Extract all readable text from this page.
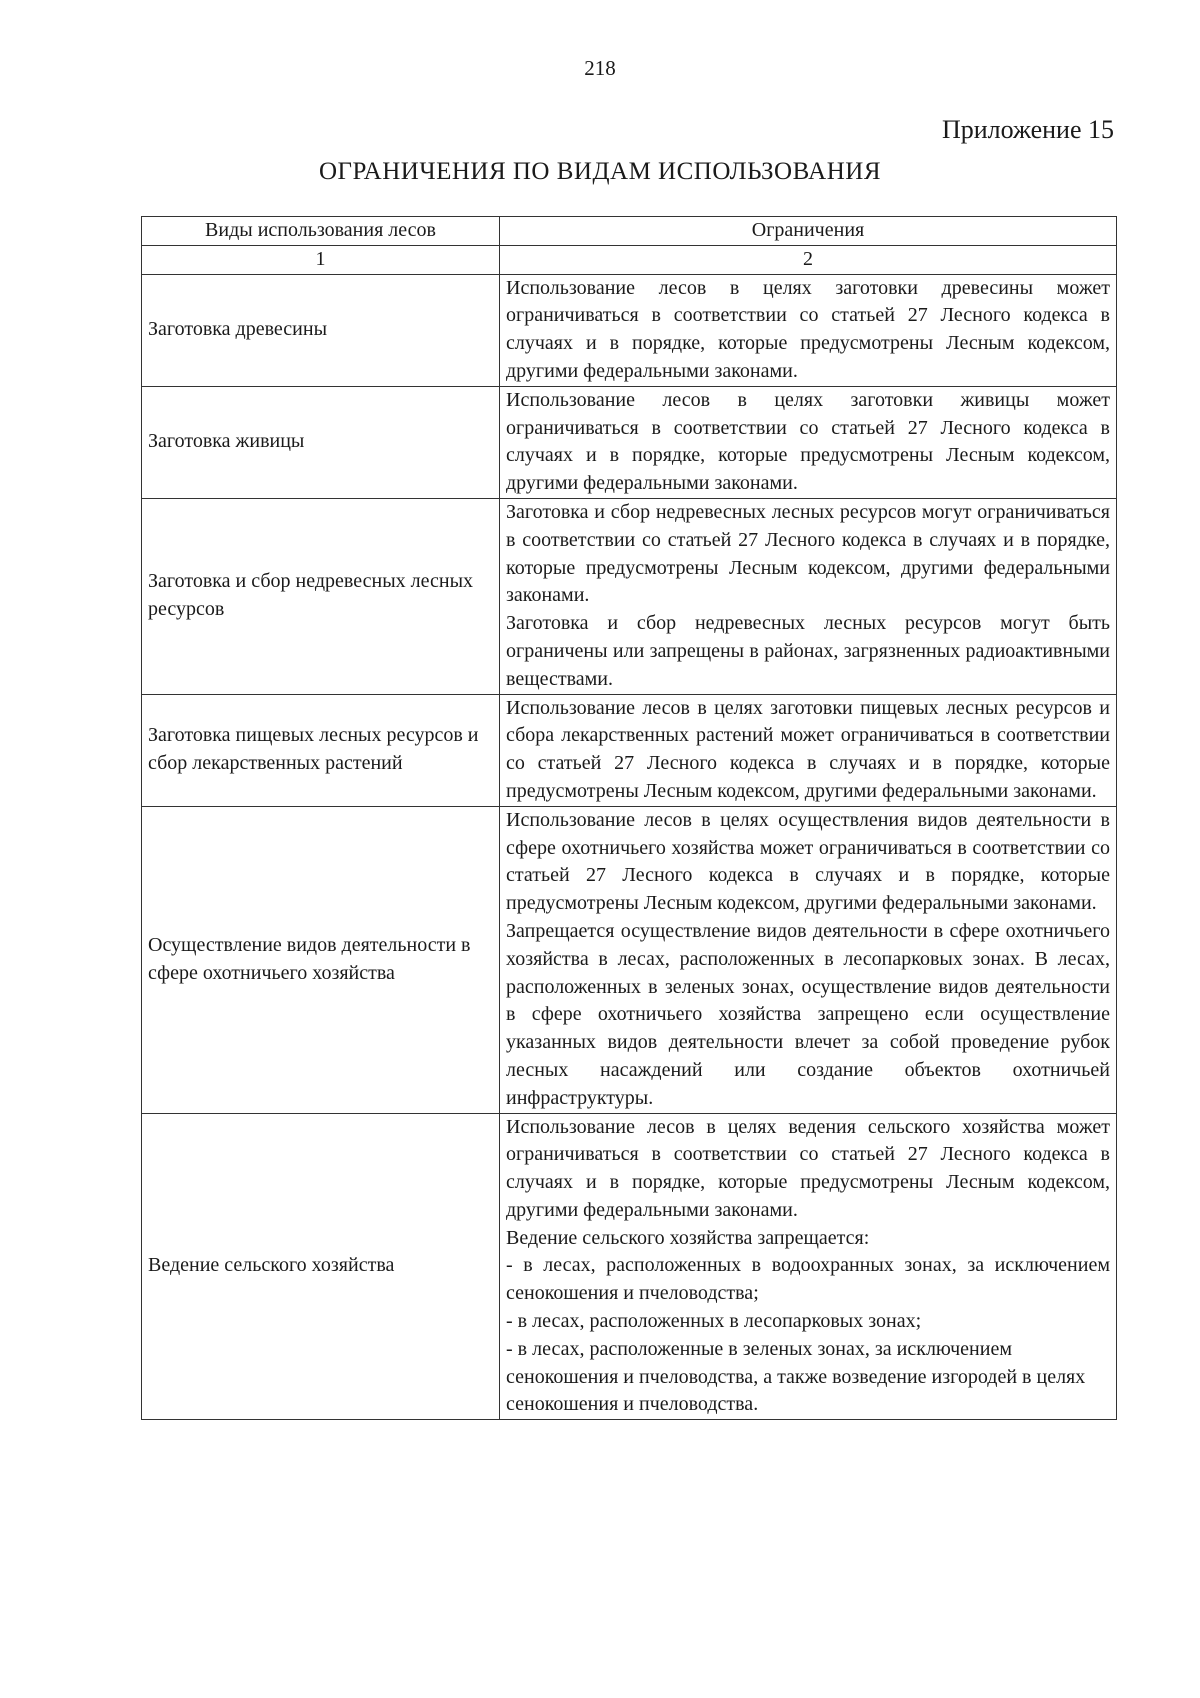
218
Приложение 15
ОГРАНИЧЕНИЯ ПО ВИДАМ ИСПОЛЬЗОВАНИЯ
Виды использования лесов	Ограничения
1	2
Заготовка древесины	Использование лесов в целях заготовки древесины может ограничиваться в соответствии со статьей 27 Лесного кодекса в случаях и в порядке, которые предусмотрены Лесным кодексом, другими федеральными законами.

Заготовка живицы	Использование лесов в целях заготовки живицы может ограничиваться в соответствии со статьей 27 Лесного кодекса в случаях и в порядке, которые предусмотрены Лесным кодексом, другими федеральными законами.

Заготовка и сбор недревесных лесных ресурсов	Заготовка и сбор недревесных лесных ресурсов могут ограничиваться в соответствии со статьей 27 Лесного кодекса в случаях и в порядке, которые предусмотрены Лесным кодексом, другими федеральными законами.
Заготовка и сбор недревесных лесных ресурсов могут быть ограничены или запрещены в районах, загрязненных радиоактивными веществами.

Заготовка пищевых лесных ресурсов и сбор лекарственных растений	Использование лесов в целях заготовки пищевых лесных ресурсов и сбора лекарственных растений может ограничиваться в соответствии со статьей 27 Лесного кодекса в случаях и в порядке, которые предусмотрены Лесным кодексом, другими федеральными законами.

Осуществление видов деятельности в сфере охотничьего хозяйства	Использование лесов в целях осуществления видов деятельности в сфере охотничьего хозяйства может ограничиваться в соответствии со статьей 27 Лесного кодекса в случаях и в порядке, которые предусмотрены Лесным кодексом, другими федеральными законами.
Запрещается осуществление видов деятельности в сфере охотничьего хозяйства в лесах, расположенных в лесопарковых зонах. В лесах, расположенных в зеленых зонах, осуществление видов деятельности в сфере охотничьего хозяйства запрещено если осуществление указанных видов деятельности влечет за собой проведение рубок лесных насаждений или создание объектов охотничьей инфраструктуры.

Ведение сельского хозяйства	Использование лесов в целях ведения сельского хозяйства может ограничиваться в соответствии со статьей 27 Лесного кодекса в случаях и в порядке, которые предусмотрены Лесным кодексом, другими федеральными законами.
Ведение сельского хозяйства запрещается:
- в лесах, расположенных в водоохранных зонах, за исключением сенокошения и пчеловодства;
- в лесах, расположенных в лесопарковых зонах;
- в лесах, расположенные в зеленых зонах, за исключением сенокошения и пчеловодства, а также возведение изгородей в целях сенокошения и пчеловодства.
